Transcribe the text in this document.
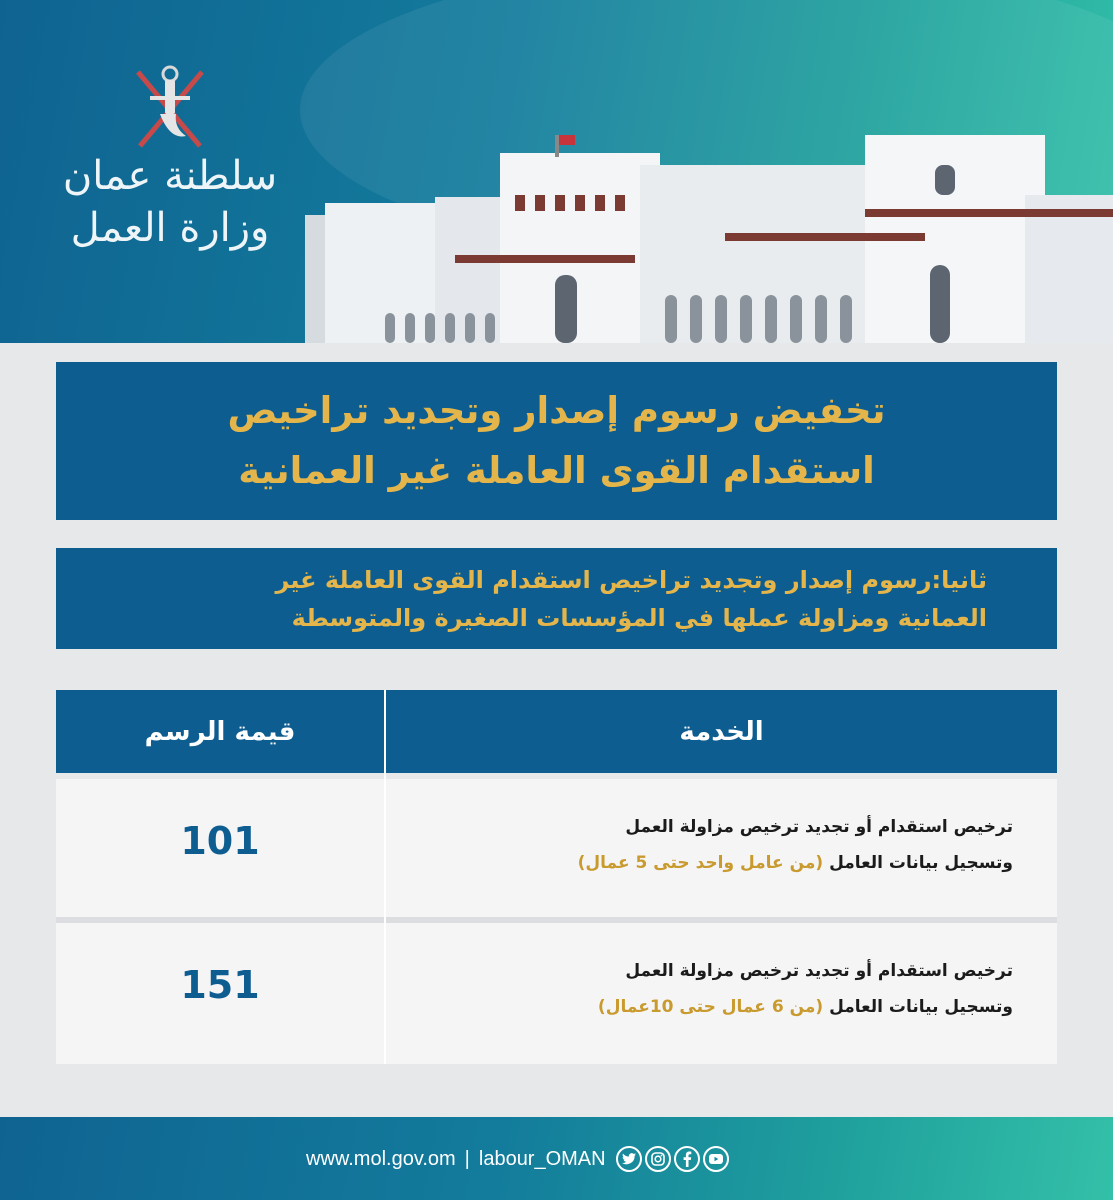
سلطنة عمان
وزارة العمل
تخفيض رسوم إصدار وتجديد تراخيص
استقدام القوى العاملة غير العمانية
ثانيا:رسوم إصدار وتجديد تراخيص استقدام القوى العاملة غير
العمانية ومزاولة عملها في المؤسسات الصغيرة والمتوسطة
قيمة الرسم	الخدمة
101	ترخيص استقدام أو تجديد ترخيص مزاولة العمل
وتسجيل بيانات العامل (من عامل واحد حتى 5 عمال)
151	ترخيص استقدام أو تجديد ترخيص مزاولة العمل
وتسجيل بيانات العامل (من 6 عمال حتى 10عمال)
www.mol.gov.om | labour_OMAN
